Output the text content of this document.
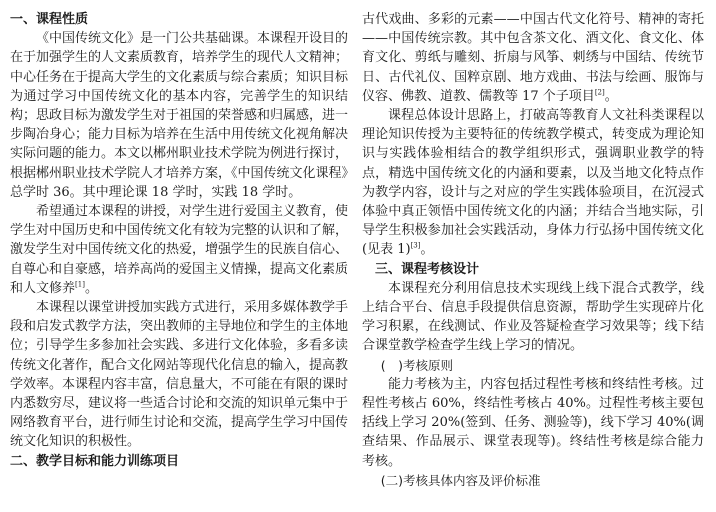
一、课程性质

《中国传统文化》是一门公共基础课。本课程开设目的在于加强学生的人文素质教育，培养学生的现代人文精神；中心任务在于提高大学生的文化素质与综合素质；知识目标为通过学习中国传统文化的基本内容，完善学生的知识结构；思政目标为激发学生对于祖国的荣誉感和归属感，进一步陶冶身心；能力目标为培养在生活中用传统文化视角解决实际问题的能力。本文以郴州职业技术学院为例进行探讨，根据郴州职业技术学院人才培养方案，《中国传统文化课程》总学时 36。其中理论课 18 学时，实践 18 学时。

希望通过本课程的讲授，对学生进行爱国主义教育，使学生对中国历史和中国传统文化有较为完整的认识和了解，激发学生对中国传统文化的热爱，增强学生的民族自信心、自尊心和自豪感，培养高尚的爱国主义情操，提高文化素质和人文修养[1]。

本课程以课堂讲授加实践方式进行，采用多媒体教学手段和启发式教学方法，突出教师的主导地位和学生的主体地位；引导学生多参加社会实践、多进行文化体验，多看多读传统文化著作，配合文化网站等现代化信息的输入，提高教学效率。本课程内容丰富，信息量大，不可能在有限的课时内悉数穷尽，建议将一些适合讨论和交流的知识单元集中于网络教育平台，进行师生讨论和交流，提高学生学习中国传统文化知识的积极性。

二、教学目标和能力训练项目

古代戏曲、多彩的元素——中国古代文化符号、精神的寄托——中国传统宗教。其中包含茶文化、酒文化、食文化、体育文化、剪纸与雕刻、折扇与风筝、刺绣与中国结、传统节日、古代礼仪、国粹京剧、地方戏曲、书法与绘画、服饰与仪容、佛教、道教、儒教等 17 个子项目[2]。

课程总体设计思路上，打破高等教育人文社科类课程以理论知识传授为主要特征的传统教学模式，转变成为理论知识与实践体验相结合的教学组织形式，强调职业教学的特点，精选中国传统文化的内涵和要素，以及当地文化特点作为教学内容，设计与之对应的学生实践体验项目，在沉浸式体验中真正领悟中国传统文化的内涵；并结合当地实际，引导学生积极参加社会实践活动，身体力行弘扬中国传统文化(见表 1)[3]。

三、课程考核设计

本课程充分利用信息技术实现线上线下混合式教学，线上结合平台、信息手段提供信息资源，帮助学生实现碎片化学习积累，在线测试、作业及答疑检查学习效果等；线下结合课堂教学检查学生线上学习的情况。

(　)考核原则

能力考核为主，内容包括过程性考核和终结性考核。过程性考核占 60%，终结性考核占 40%。过程性考核主要包括线上学习 20%(签到、任务、测验等)，线下学习 40%(调查结果、作品展示、课堂表现等)。终结性考核是综合能力考核。

(二)考核具体内容及评价标准
